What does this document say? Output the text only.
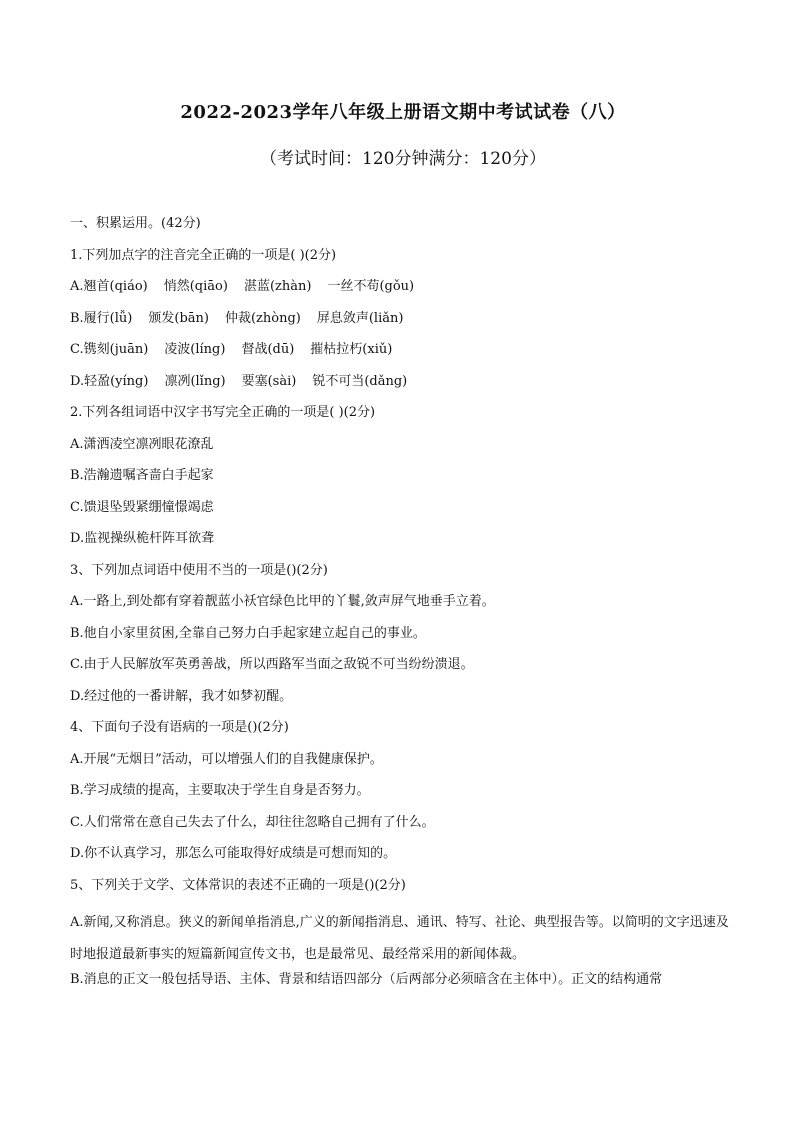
2022-2023学年八年级上册语文期中考试试卷（八）

（考试时间：120分钟满分：120分）

一、积累运用。(42分)

1.下列加点字的注音完全正确的一项是( )(2分)

A.翘首(qiáo) 悄然(qiāo) 湛蓝(zhàn) 一丝不苟(gǒu)

B.履行(lǚ) 颁发(bān) 仲裁(zhòng) 屏息敛声(liǎn)

C.镌刻(juān) 凌波(líng) 督战(dū) 摧枯拉朽(xiǔ)

D.轻盈(yíng) 凛冽(lǐng) 要塞(sài) 锐不可当(dǎng)

2.下列各组词语中汉字书写完全正确的一项是( )(2分)

A.潇洒凌空凛冽眼花潦乱

B.浩瀚遗嘱吝啬白手起家

C.馈退坠毁紧绷憧憬竭虑

D.监视操纵桅杆阵耳欲聋

3、下列加点词语中使用不当的一项是()(2分)

A.一路上,到处都有穿着靓蓝小袄官绿色比甲的丫鬟,敛声屏气地垂手立着。

B.他自小家里贫困,全靠自己努力白手起家建立起自己的事业。

C.由于人民解放军英勇善战，所以西路军当面之敌锐不可当纷纷溃退。

D.经过他的一番讲解，我才如梦初醒。

4、下面句子没有语病的一项是()(2分)

A.开展“无烟日”活动，可以增强人们的自我健康保护。

B.学习成绩的提高，主要取决于学生自身是否努力。

C.人们常常在意自己失去了什么，却往往忽略自己拥有了什么。

D.你不认真学习，那怎么可能取得好成绩是可想而知的。

5、下列关于文学、文体常识的表述不正确的一项是()(2分)

A.新闻,又称消息。狭义的新闻单指消息,广义的新闻指消息、通讯、特写、社论、典型报告等。以简明的文字迅速及时地报道最新事实的短篇新闻宣传文书，也是最常见、最经常采用的新闻体裁。

B.消息的正文一般包括导语、主体、背景和结语四部分（后两部分必须暗含在主体中）。正文的结构通常
